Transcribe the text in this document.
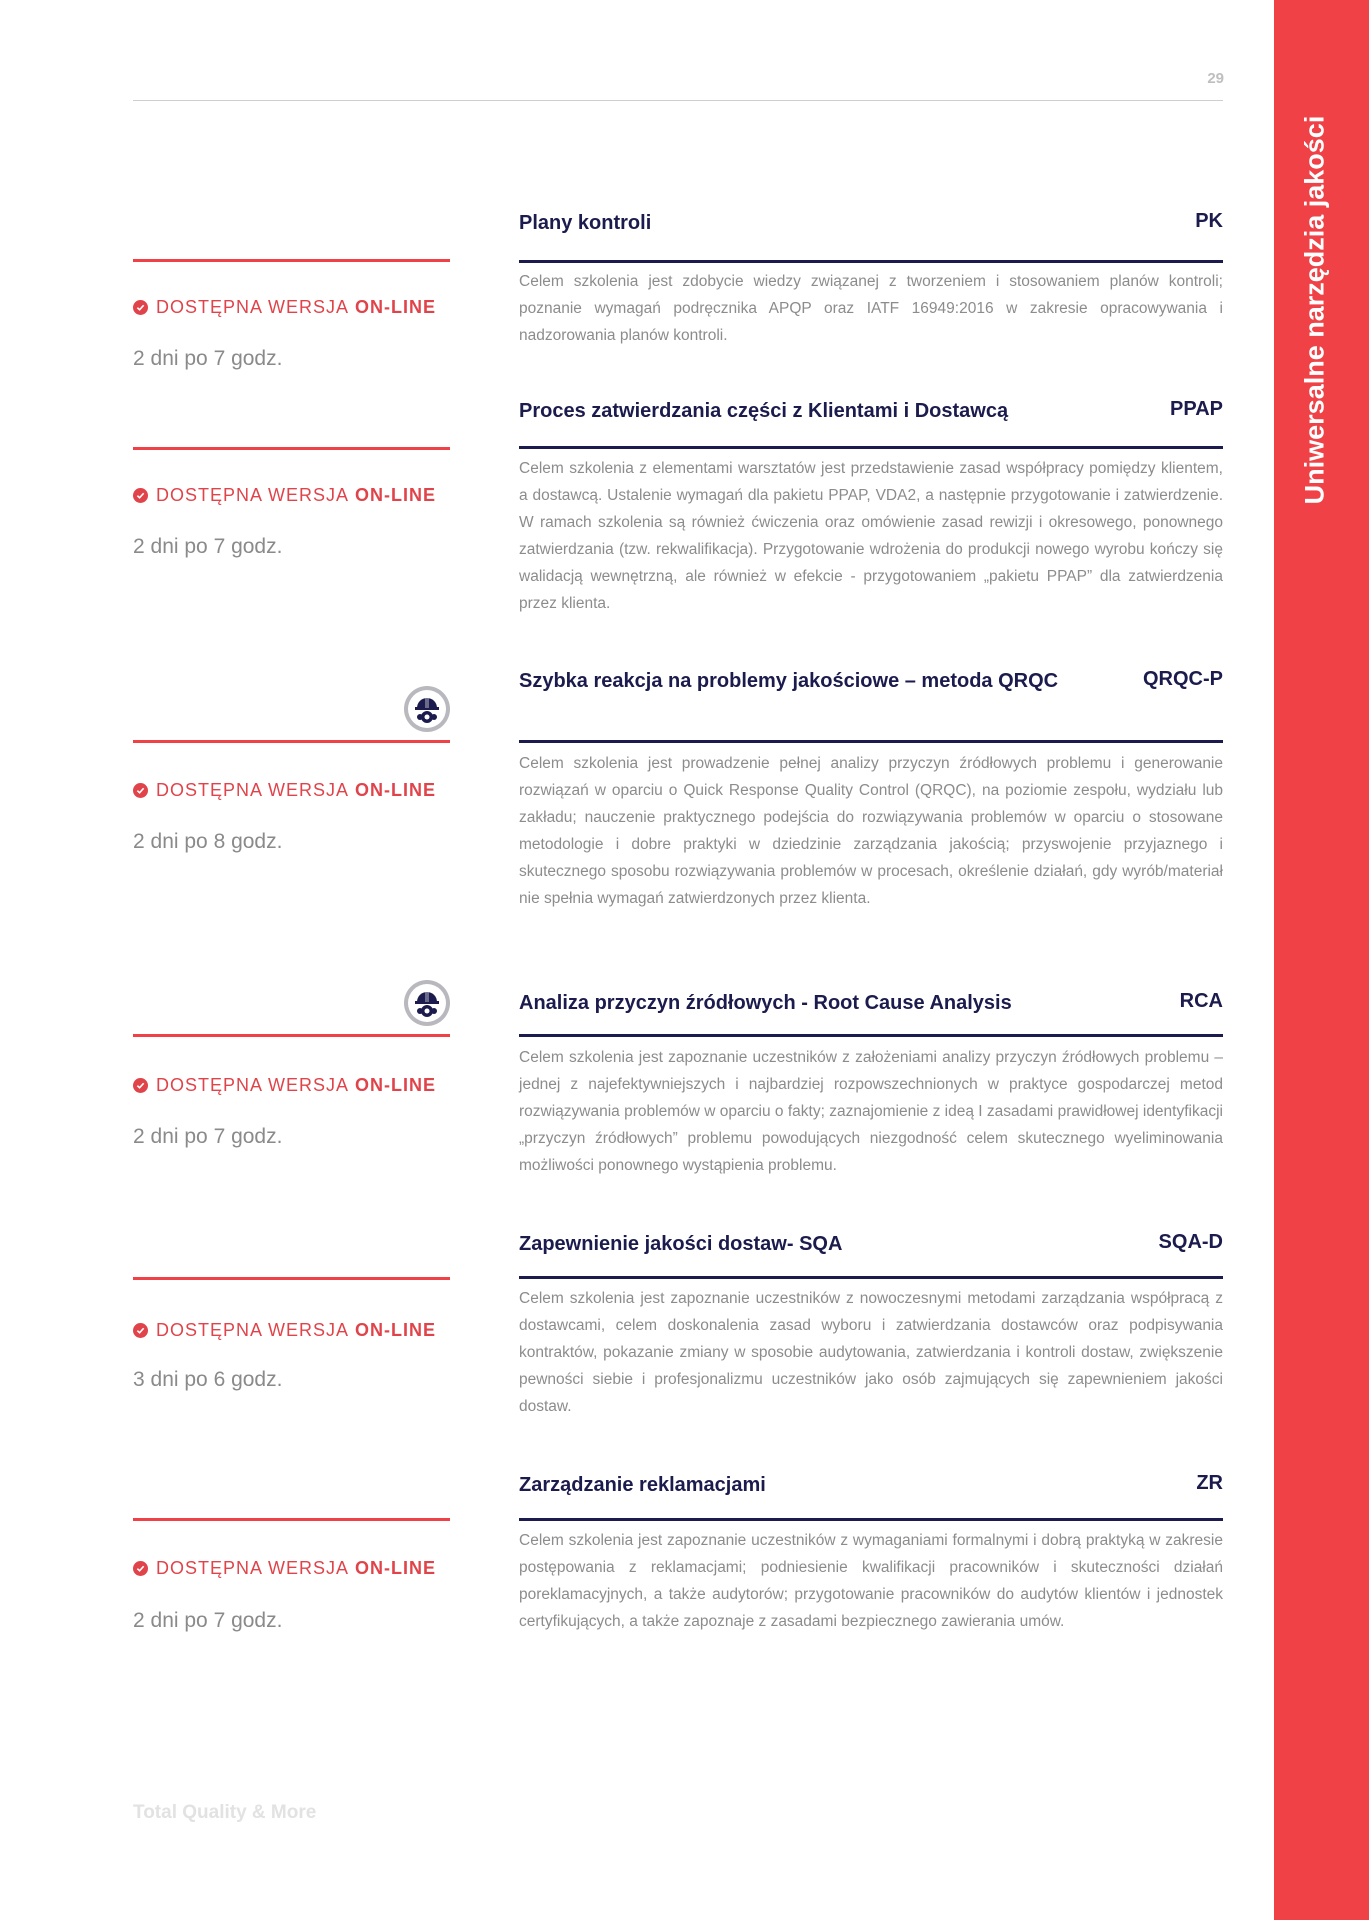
Uniwersalne narzędzia jakości
29
DOSTĘPNA WERSJA ON-LINE
2 dni po 7 godz.
Plany kontroli	PK
Celem szkolenia jest zdobycie wiedzy związanej z tworzeniem i stosowaniem planów kontroli; poznanie wymagań podręcznika APQP oraz IATF 16949:2016 w zakresie opracowywania i nadzorowania planów kontroli.
DOSTĘPNA WERSJA ON-LINE
2 dni po 7 godz.
Proces zatwierdzania części z Klientami i Dostawcą	PPAP
Celem szkolenia z elementami warsztatów jest przedstawienie zasad współpracy pomiędzy klientem, a dostawcą. Ustalenie wymagań dla pakietu PPAP, VDA2, a następnie przygotowanie i zatwierdzenie. W ramach szkolenia są również ćwiczenia oraz omówienie zasad rewizji i okresowego, ponownego zatwierdzania (tzw. rekwalifikacja). Przygotowanie wdrożenia do produkcji nowego wyrobu kończy się walidacją wewnętrzną, ale również w efekcie - przygotowaniem „pakietu PPAP” dla zatwierdzenia przez klienta.
DOSTĘPNA WERSJA ON-LINE
2 dni po 8 godz.
Szybka reakcja na problemy jakościowe – metoda QRQC	QRQC-P
Celem szkolenia jest prowadzenie pełnej analizy przyczyn źródłowych problemu i generowanie rozwiązań w oparciu o Quick Response Quality Control (QRQC), na poziomie zespołu, wydziału lub zakładu; nauczenie praktycznego podejścia do rozwiązywania problemów w oparciu o stosowane metodologie i dobre praktyki w dziedzinie zarządzania jakością; przyswojenie przyjaznego i skutecznego sposobu rozwiązywania problemów w procesach, określenie działań, gdy wyrób/materiał nie spełnia wymagań zatwierdzonych przez klienta.
DOSTĘPNA WERSJA ON-LINE
2 dni po 7 godz.
Analiza przyczyn źródłowych - Root Cause Analysis	RCA
Celem szkolenia jest zapoznanie uczestników z założeniami analizy przyczyn źródłowych problemu – jednej z najefektywniejszych i najbardziej rozpowszechnionych w praktyce gospodarczej metod rozwiązywania problemów w oparciu o fakty; zaznajomienie z ideą I zasadami prawidłowej identyfikacji „przyczyn źródłowych” problemu powodujących niezgodność celem skutecznego wyeliminowania możliwości ponownego wystąpienia problemu.
DOSTĘPNA WERSJA ON-LINE
3 dni po 6 godz.
Zapewnienie jakości dostaw- SQA	SQA-D
Celem szkolenia jest zapoznanie uczestników z nowoczesnymi metodami zarządzania współpracą z dostawcami, celem doskonalenia zasad wyboru i zatwierdzania dostawców oraz podpisywania kontraktów, pokazanie zmiany w sposobie audytowania, zatwierdzania i kontroli dostaw, zwiększenie pewności siebie i profesjonalizmu uczestników jako osób zajmujących się zapewnieniem jakości dostaw.
DOSTĘPNA WERSJA ON-LINE
2 dni po 7 godz.
Zarządzanie reklamacjami	ZR
Celem szkolenia jest zapoznanie uczestników z wymaganiami formalnymi i dobrą praktyką w zakresie postępowania z reklamacjami; podniesienie kwalifikacji pracowników i skuteczności działań poreklamacyjnych, a także audytorów; przygotowanie pracowników do audytów klientów i jednostek certyfikujących, a także zapoznaje z zasadami bezpiecznego zawierania umów.
Total Quality & More
